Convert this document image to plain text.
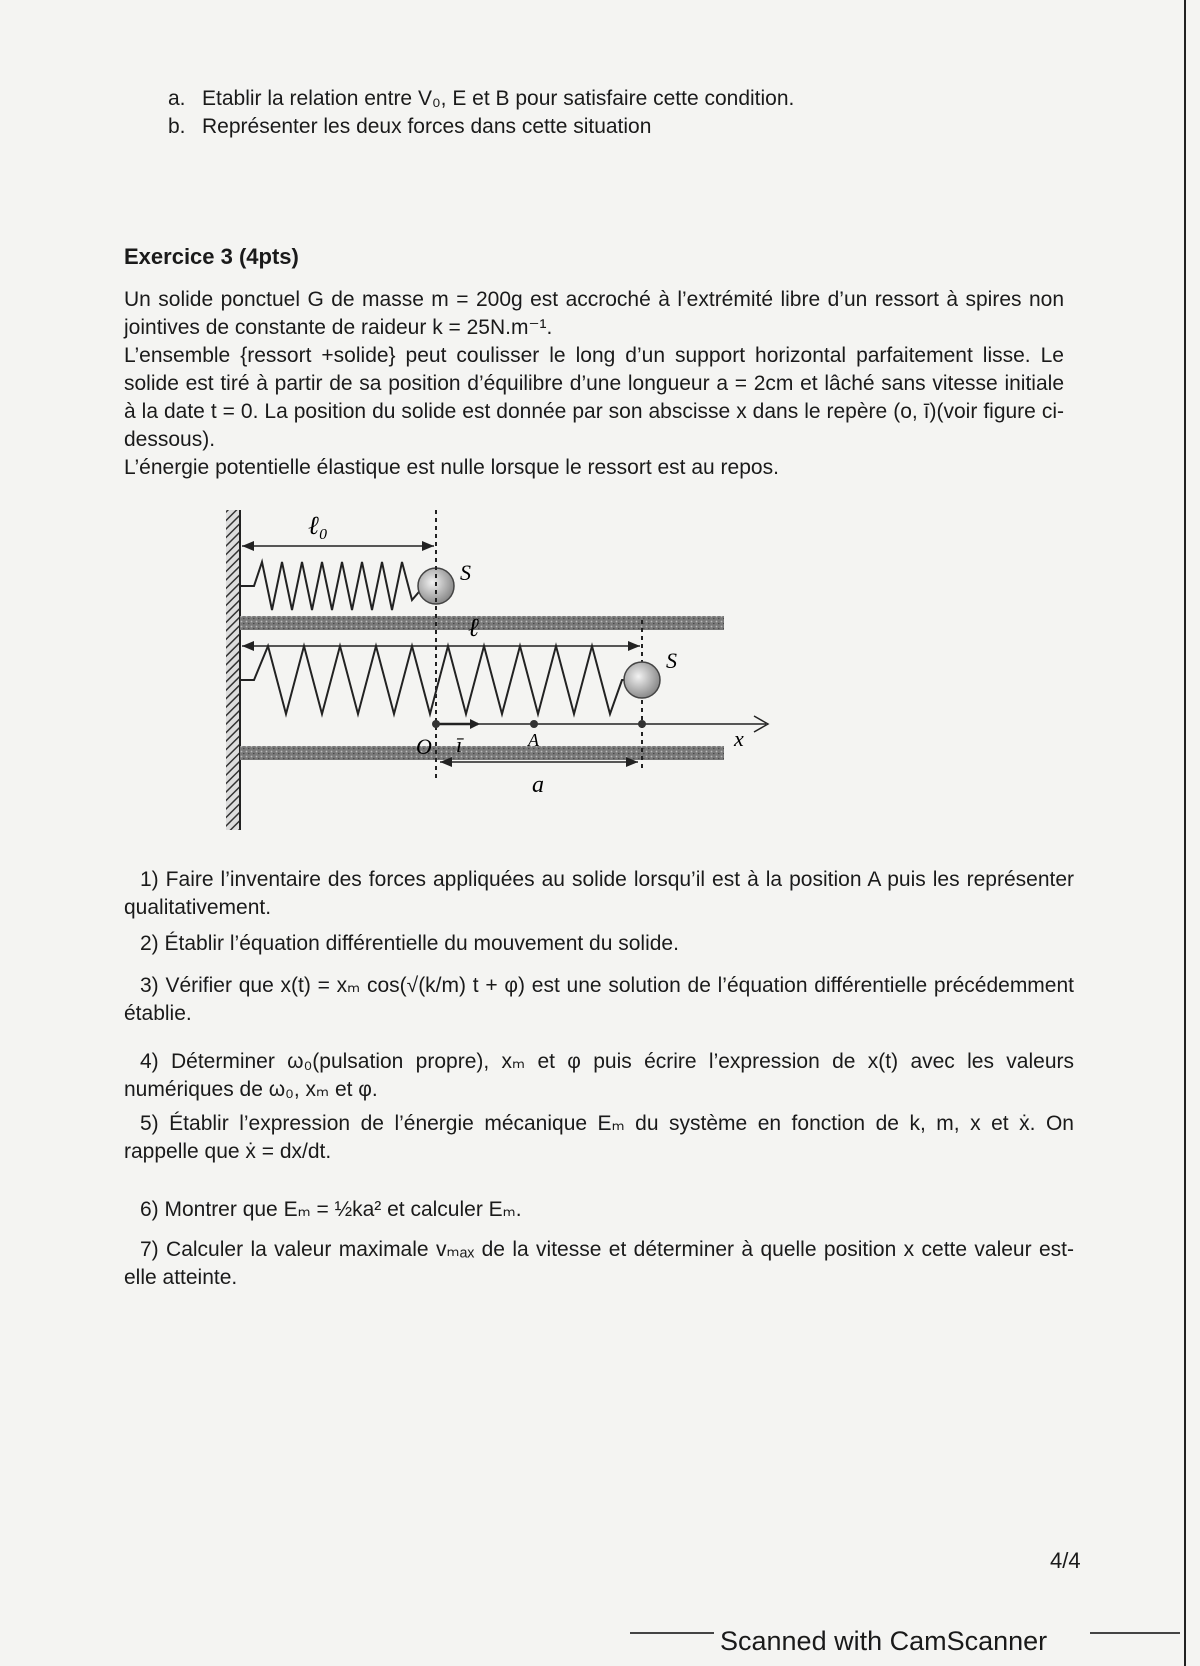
a. Etablir la relation entre V₀, E et B pour satisfaire cette condition.
b. Représenter les deux forces dans cette situation
Exercice 3 (4pts)
Un solide ponctuel G de masse m = 200g est accroché à l’extrémité libre d’un ressort à spires non jointives de constante de raideur k = 25N.m⁻¹.
L’ensemble {ressort +solide} peut coulisser le long d’un support horizontal parfaitement lisse. Le solide est tiré à partir de sa position d’équilibre d’une longueur a = 2cm et lâché sans vitesse initiale à la date t = 0. La position du solide est donnée par son abscisse x dans le repère (o, ī)(voir figure ci-dessous).
L’énergie potentielle élastique est nulle lorsque le ressort est au repos.
ℓ₀
S
ℓ
S
O ī	A	x
a
1) Faire l’inventaire des forces appliquées au solide lorsqu’il est à la position A puis les représenter qualitativement.
2) Établir l’équation différentielle du mouvement du solide.
3) Vérifier que x(t) = xₘ cos(√(k/m) t + φ) est une solution de l’équation différentielle précédemment établie.
4) Déterminer ω₀(pulsation propre), xₘ et φ puis écrire l’expression de x(t) avec les valeurs numériques de ω₀, xₘ et φ.
5) Établir l’expression de l’énergie mécanique Eₘ du système en fonction de k, m, x et ẋ. On rappelle que ẋ = dx/dt.
6) Montrer que Eₘ = ½ka² et calculer Eₘ.
7) Calculer la valeur maximale vₘₐₓ de la vitesse et déterminer à quelle position x cette valeur est-elle atteinte.
4/4
Scanned with CamScanner
